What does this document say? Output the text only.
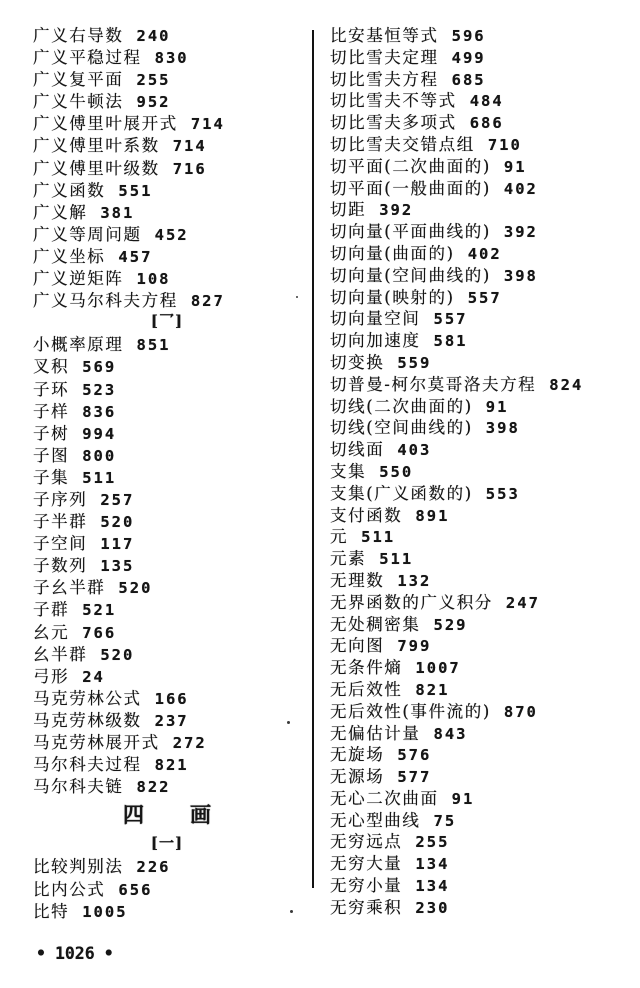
广义右导数 240
广义平稳过程 830
广义复平面 255
广义牛顿法 952
广义傅里叶展开式 714
广义傅里叶系数 714
广义傅里叶级数 716
广义函数 551
广义解 381
广义等周问题 452
广义坐标 457
广义逆矩阵 108
广义马尔科夫方程 827
[乛]
小概率原理 851
叉积 569
子环 523
子样 836
子树 994
子图 800
子集 511
子序列 257
子半群 520
子空间 117
子数列 135
子幺半群 520
子群 521
幺元 766
幺半群 520
弓形 24
马克劳林公式 166
马克劳林级数 237
马克劳林展开式 272
马尔科夫过程 821
马尔科夫链 822
四 画
[一]
比较判别法 226
比内公式 656
比特 1005
比安基恒等式 596
切比雪夫定理 499
切比雪夫方程 685
切比雪夫不等式 484
切比雪夫多项式 686
切比雪夫交错点组 710
切平面(二次曲面的) 91
切平面(一般曲面的) 402
切距 392
切向量(平面曲线的) 392
切向量(曲面的) 402
切向量(空间曲线的) 398
切向量(映射的) 557
切向量空间 557
切向加速度 581
切变换 559
切普曼-柯尔莫哥洛夫方程 824
切线(二次曲面的) 91
切线(空间曲线的) 398
切线面 403
支集 550
支集(广义函数的) 553
支付函数 891
元 511
元素 511
无理数 132
无界函数的广义积分 247
无处稠密集 529
无向图 799
无条件熵 1007
无后效性 821
无后效性(事件流的) 870
无偏估计量 843
无旋场 576
无源场 577
无心二次曲面 91
无心型曲线 75
无穷远点 255
无穷大量 134
无穷小量 134
无穷乘积 230
• 1026 •
